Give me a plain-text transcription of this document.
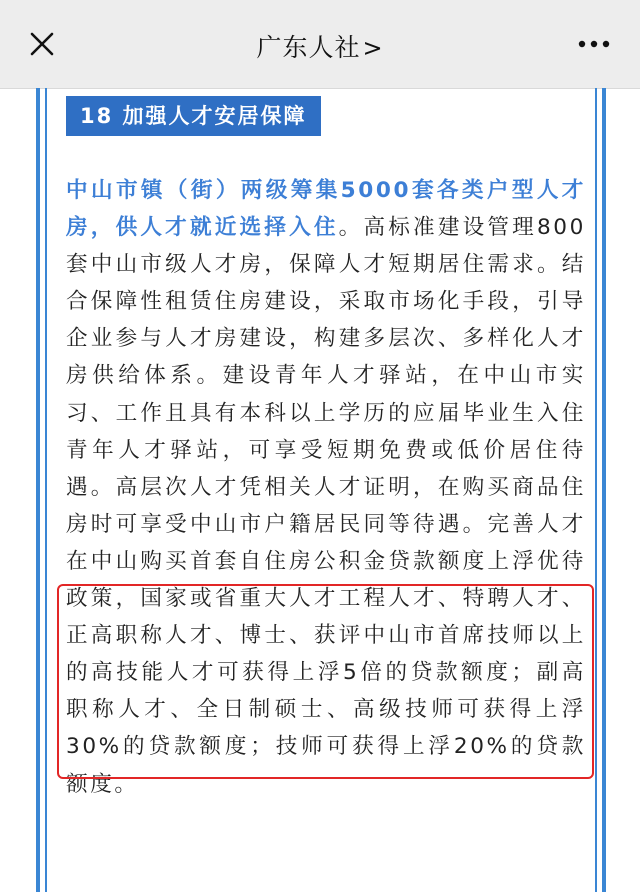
广东人社>
18 加强人才安居保障
中山市镇（街）两级筹集5000套各类户型人才房，供人才就近选择入住。高标准建设管理800套中山市级人才房，保障人才短期居住需求。结合保障性租赁住房建设，采取市场化手段，引导企业参与人才房建设，构建多层次、多样化人才房供给体系。建设青年人才驿站，在中山市实习、工作且具有本科以上学历的应届毕业生入住青年人才驿站，可享受短期免费或低价居住待遇。高层次人才凭相关人才证明，在购买商品住房时可享受中山市户籍居民同等待遇。完善人才在中山购买首套自住房公积金贷款额度上浮优待政策，国家或省重大人才工程人才、特聘人才、正高职称人才、博士、获评中山市首席技师以上的高技能人才可获得上浮5倍的贷款额度；副高职称人才、全日制硕士、高级技师可获得上浮30%的贷款额度；技师可获得上浮20%的贷款额度。
